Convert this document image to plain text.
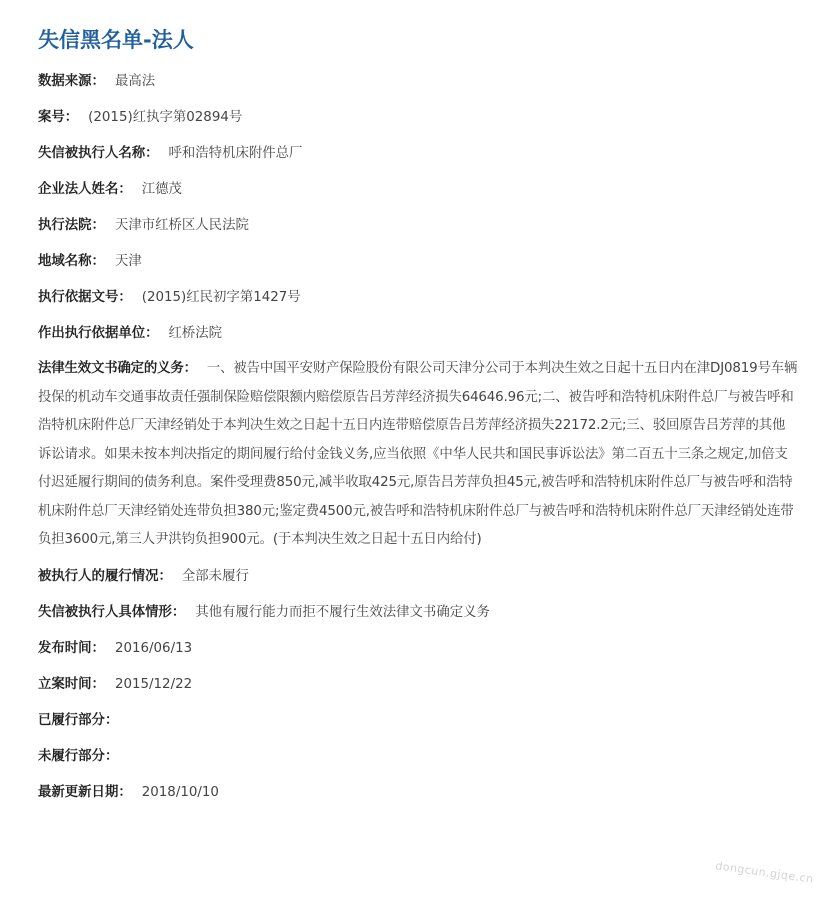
失信黑名单-法人
数据来源： 最高法
案号： (2015)红执字第02894号
失信被执行人名称： 呼和浩特机床附件总厂
企业法人姓名： 江德茂
执行法院： 天津市红桥区人民法院
地域名称： 天津
执行依据文号： (2015)红民初字第1427号
作出执行依据单位： 红桥法院
法律生效文书确定的义务： 一、被告中国平安财产保险股份有限公司天津分公司于本判决生效之日起十五日内在津DJ0819号车辆投保的机动车交通事故责任强制保险赔偿限额内赔偿原告吕芳萍经济损失64646.96元;二、被告呼和浩特机床附件总厂与被告呼和浩特机床附件总厂天津经销处于本判决生效之日起十五日内连带赔偿原告吕芳萍经济损失22172.2元;三、驳回原告吕芳萍的其他诉讼请求。如果未按本判决指定的期间履行给付金钱义务,应当依照《中华人民共和国民事诉讼法》第二百五十三条之规定,加倍支付迟延履行期间的债务利息。案件受理费850元,减半收取425元,原告吕芳萍负担45元,被告呼和浩特机床附件总厂与被告呼和浩特机床附件总厂天津经销处连带负担380元;鉴定费4500元,被告呼和浩特机床附件总厂与被告呼和浩特机床附件总厂天津经销处连带负担3600元,第三人尹洪钧负担900元。(于本判决生效之日起十五日内给付)
被执行人的履行情况： 全部未履行
失信被执行人具体情形： 其他有履行能力而拒不履行生效法律文书确定义务
发布时间： 2016/06/13
立案时间： 2015/12/22
已履行部分：
未履行部分：
最新更新日期： 2018/10/10
dongcun.gjqe.cn
